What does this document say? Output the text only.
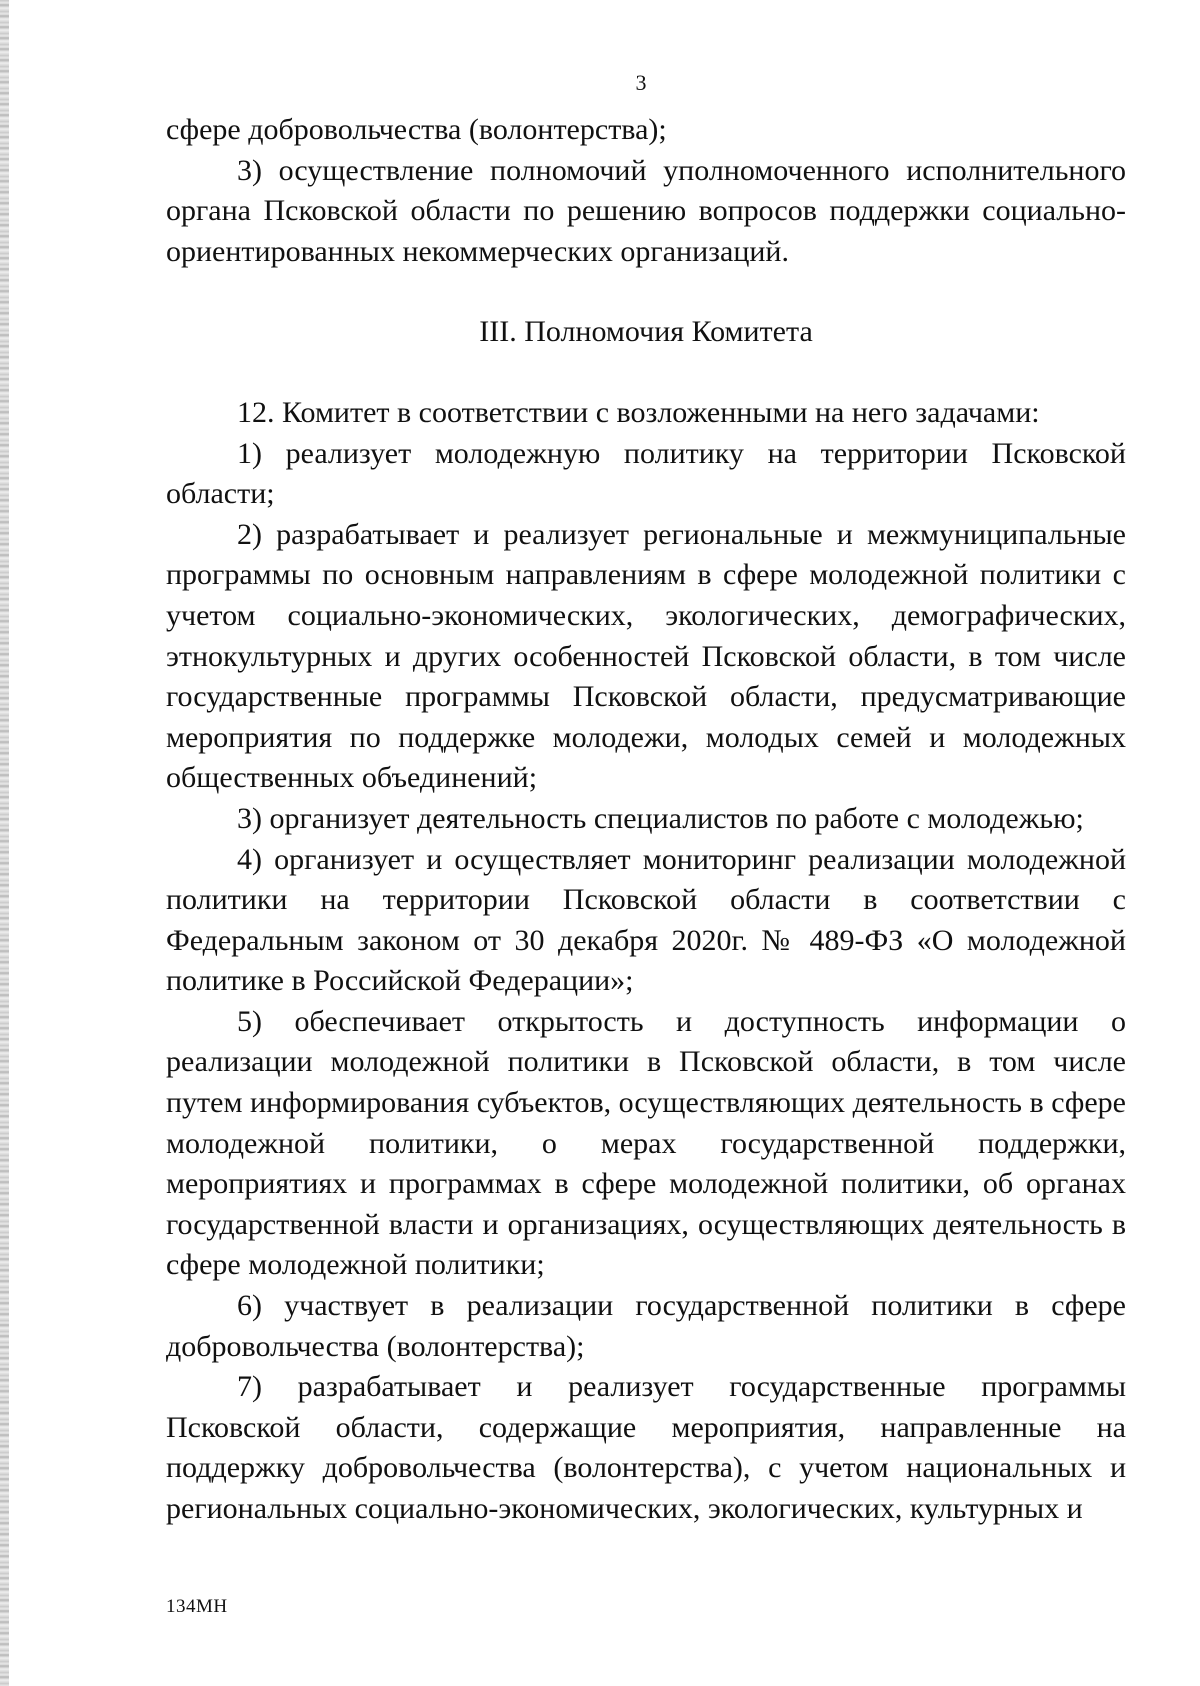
3

сфере добровольчества (волонтерства);

3) осуществление полномочий уполномоченного исполнительного органа Псковской области по решению вопросов поддержки социально-ориентированных некоммерческих организаций.

III. Полномочия Комитета

12. Комитет в соответствии с возложенными на него задачами:

1) реализует молодежную политику на территории Псковской области;

2) разрабатывает и реализует региональные и межмуниципальные программы по основным направлениям в сфере молодежной политики с учетом социально-экономических, экологических, демографических, этнокультурных и других особенностей Псковской области, в том числе государственные программы Псковской области, предусматривающие мероприятия по поддержке молодежи, молодых семей и молодежных общественных объединений;

3) организует деятельность специалистов по работе с молодежью;

4) организует и осуществляет мониторинг реализации молодежной политики на территории Псковской области в соответствии с Федеральным законом от 30 декабря 2020г. № 489-ФЗ «О молодежной политике в Российской Федерации»;

5) обеспечивает открытость и доступность информации о реализации молодежной политики в Псковской области, в том числе путем информирования субъектов, осуществляющих деятельность в сфере молодежной политики, о мерах государственной поддержки, мероприятиях и программах в сфере молодежной политики, об органах государственной власти и организациях, осуществляющих деятельность в сфере молодежной политики;

6) участвует в реализации государственной политики в сфере добровольчества (волонтерства);

7) разрабатывает и реализует государственные программы Псковской области, содержащие мероприятия, направленные на поддержку добровольчества (волонтерства), с учетом национальных и региональных социально-экономических, экологических, культурных и

134МН
